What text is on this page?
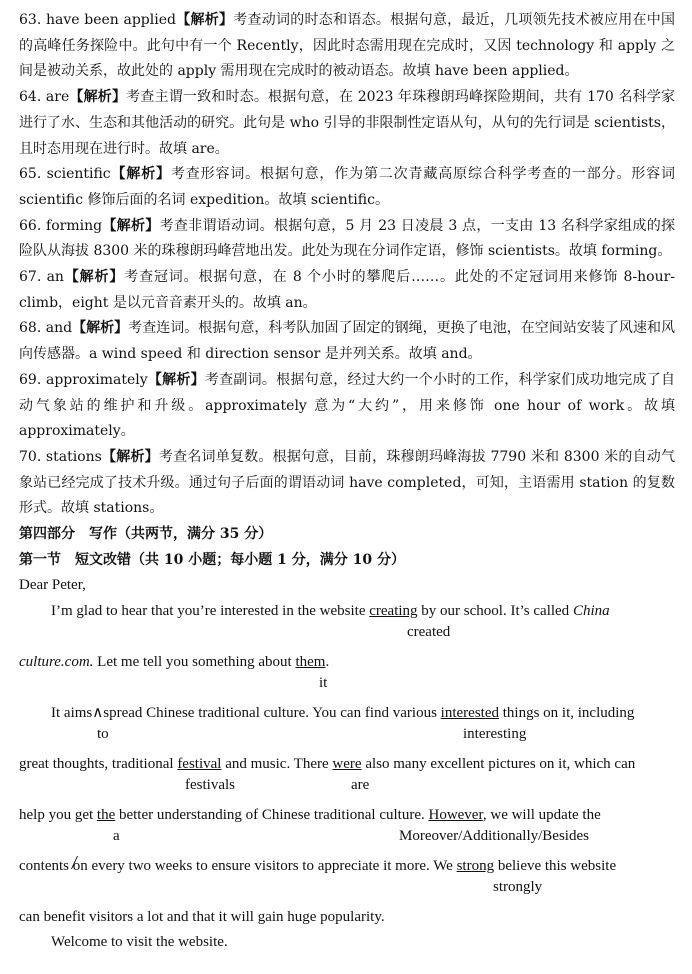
63. have been applied【解析】考查动词的时态和语态。根据句意，最近，几项领先技术被应用在中国的高峰任务探险中。此句中有一个 Recently，因此时态需用现在完成时，又因 technology 和 apply 之间是被动关系，故此处的 apply 需用现在完成时的被动语态。故填 have been applied。

64. are【解析】考查主谓一致和时态。根据句意，在 2023 年珠穆朗玛峰探险期间，共有 170 名科学家进行了水、生态和其他活动的研究。此句是 who 引导的非限制性定语从句，从句的先行词是 scientists，且时态用现在进行时。故填 are。

65. scientific【解析】考查形容词。根据句意，作为第二次青藏高原综合科学考查的一部分。形容词 scientific 修饰后面的名词 expedition。故填 scientific。

66. forming【解析】考查非谓语动词。根据句意，5 月 23 日凌晨 3 点，一支由 13 名科学家组成的探险队从海拔 8300 米的珠穆朗玛峰营地出发。此处为现在分词作定语，修饰 scientists。故填 forming。

67. an【解析】考查冠词。根据句意，在 8 个小时的攀爬后……。此处的不定冠词用来修饰 8-hour-climb，eight 是以元音音素开头的。故填 an。

68. and【解析】考查连词。根据句意，科考队加固了固定的钢绳，更换了电池，在空间站安装了风速和风向传感器。a wind speed 和 direction sensor 是并列关系。故填 and。

69. approximately【解析】考查副词。根据句意，经过大约一个小时的工作，科学家们成功地完成了自动气象站的维护和升级。approximately 意为“大约”，用来修饰 one hour of work。故填 approximately。

70. stations【解析】考查名词单复数。根据句意，目前，珠穆朗玛峰海拔 7790 米和 8300 米的自动气象站已经完成了技术升级。通过句子后面的谓语动词 have completed，可知，主语需用 station 的复数形式。故填 stations。

第四部分　写作（共两节，满分 35 分）

第一节　短文改错（共 10 小题；每小题 1 分，满分 10 分）

Dear Peter,
I’m glad to hear that you’re interested in the website creating by our school. It’s called China
created
culture.com. Let me tell you something about them.
it
It aims∧spread Chinese traditional culture. You can find various interested things on it, including
to	interesting
great thoughts, traditional festival and music. There were also many excellent pictures on it, which can
festivals	are
help you get the better understanding of Chinese traditional culture. However, we will update the
a	Moreover/Additionally/Besides
contents on every two weeks to ensure visitors to appreciate it more. We strong believe this website
strongly
can benefit visitors a lot and that it will gain huge popularity.
Welcome to visit the website.
